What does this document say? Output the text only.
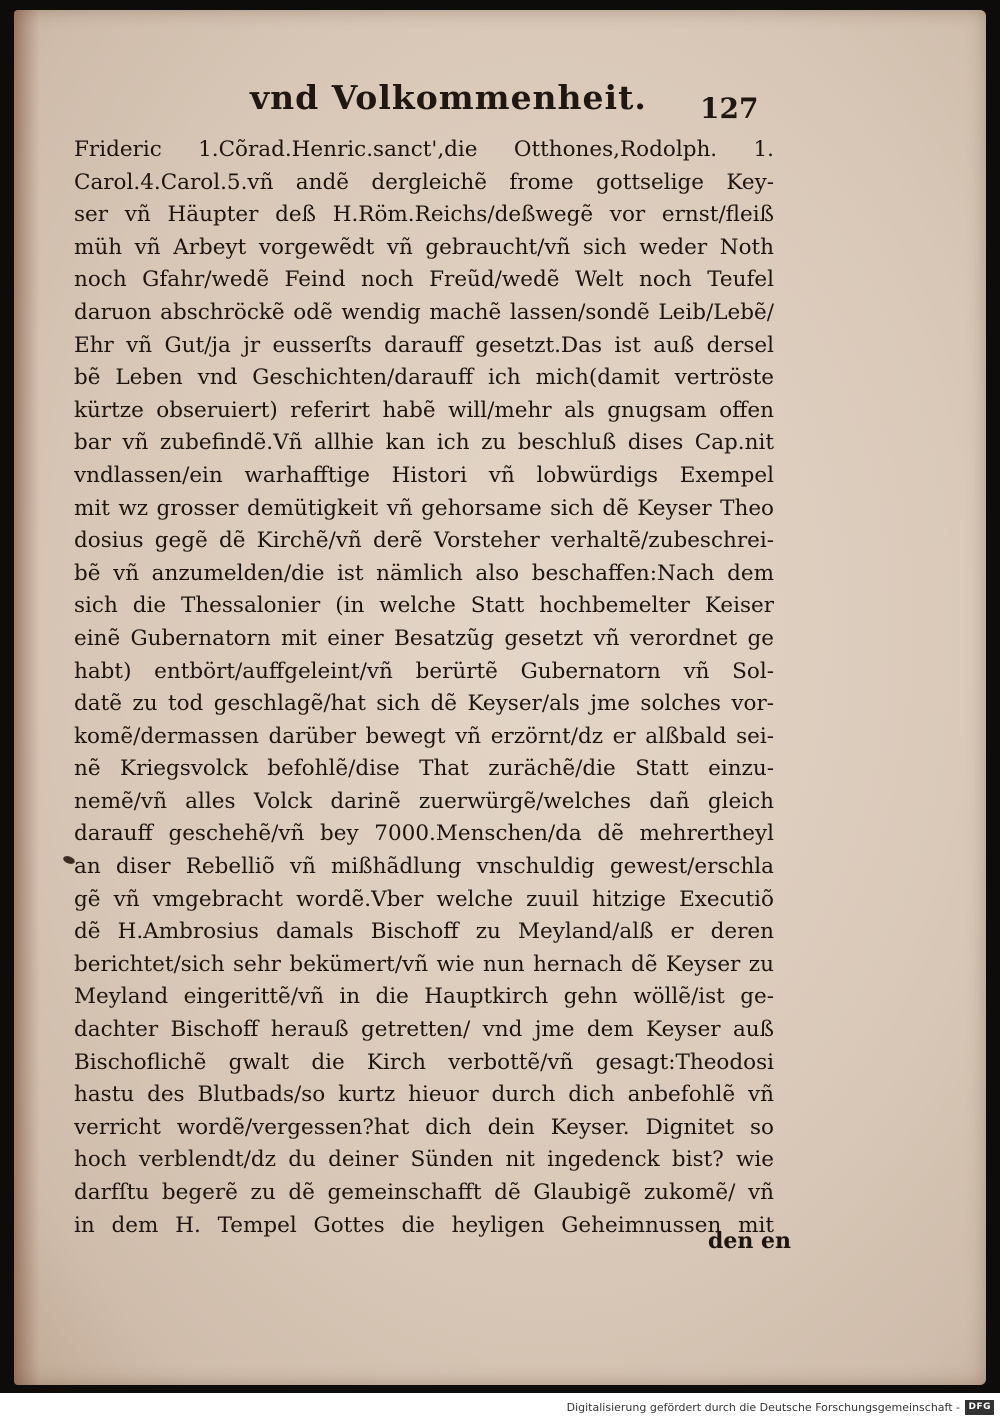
vnd Volkommenheit. 127
Frideric 1.Cõrad.Henric.sanct',die Otthones,Rodolph. 1.
Carol.4.Carol.5.vñ andẽ dergleichẽ frome gottselige Key-
ser vñ Häupter deß H.Röm.Reichs/deßwegẽ vor ernst/fleiß
müh vñ Arbeyt vorgewẽdt vñ gebraucht/vñ sich weder Noth
noch Gfahr/wedẽ Feind noch Freũd/wedẽ Welt noch Teufel
daruon abschröckẽ odẽ wendig machẽ lassen/sondẽ Leib/Lebẽ/
Ehr vñ Gut/ja jr eusserſts darauff gesetzt.Das ist auß dersel
bẽ Leben vnd Geschichten/darauff ich mich(damit vertröste
kürtze obseruiert) referirt habẽ will/mehr als gnugsam offen
bar vñ zubefindẽ.Vñ allhie kan ich zu beschluß dises Cap.nit
vndlassen/ein warhafftige Histori vñ lobwürdigs Exempel
mit wz grosser demütigkeit vñ gehorsame sich dẽ Keyser Theo
dosius gegẽ dẽ Kirchẽ/vñ derẽ Vorsteher verhaltẽ/zubeschrei-
bẽ vñ anzumelden/die ist nämlich also beschaffen:Nach dem
sich die Thessalonier (in welche Statt hochbemelter Keiser
einẽ Gubernatorn mit einer Besatzũg gesetzt vñ verordnet ge
habt) entbört/auffgeleint/vñ berürtẽ Gubernatorn vñ Sol-
datẽ zu tod geschlagẽ/hat sich dẽ Keyser/als jme solches vor-
komẽ/dermassen darüber bewegt vñ erzörnt/dz er alßbald sei-
nẽ Kriegsvolck befohlẽ/dise That zurächẽ/die Statt einzu-
nemẽ/vñ alles Volck darinẽ zuerwürgẽ/welches dañ gleich
darauff geschehẽ/vñ bey 7000.Menschen/da dẽ mehrertheyl
an diser Rebelliõ vñ mißhãdlung vnschuldig gewest/erschla
gẽ vñ vmgebracht wordẽ.Vber welche zuuil hitzige Executiõ
dẽ H.Ambrosius damals Bischoff zu Meyland/alß er deren
berichtet/sich sehr bekümert/vñ wie nun hernach dẽ Keyser zu
Meyland eingerittẽ/vñ in die Hauptkirch gehn wöllẽ/ist ge-
dachter Bischoff herauß getretten/ vnd jme dem Keyser auß
Bischoflichẽ gwalt die Kirch verbottẽ/vñ gesagt:Theodosi
hastu des Blutbads/so kurtz hieuor durch dich anbefohlẽ vñ
verricht wordẽ/vergessen?hat dich dein Keyser. Dignitet so
hoch verblendt/dz du deiner Sünden nit ingedenck bist? wie
darfſtu begerẽ zu dẽ gemeinschafft dẽ Glaubigẽ zukomẽ/ vñ
in dem H. Tempel Gottes die heyligen Geheimnussen mit
den en
Digitalisierung gefördert durch die Deutsche Forschungsgemeinschaft - DFG
